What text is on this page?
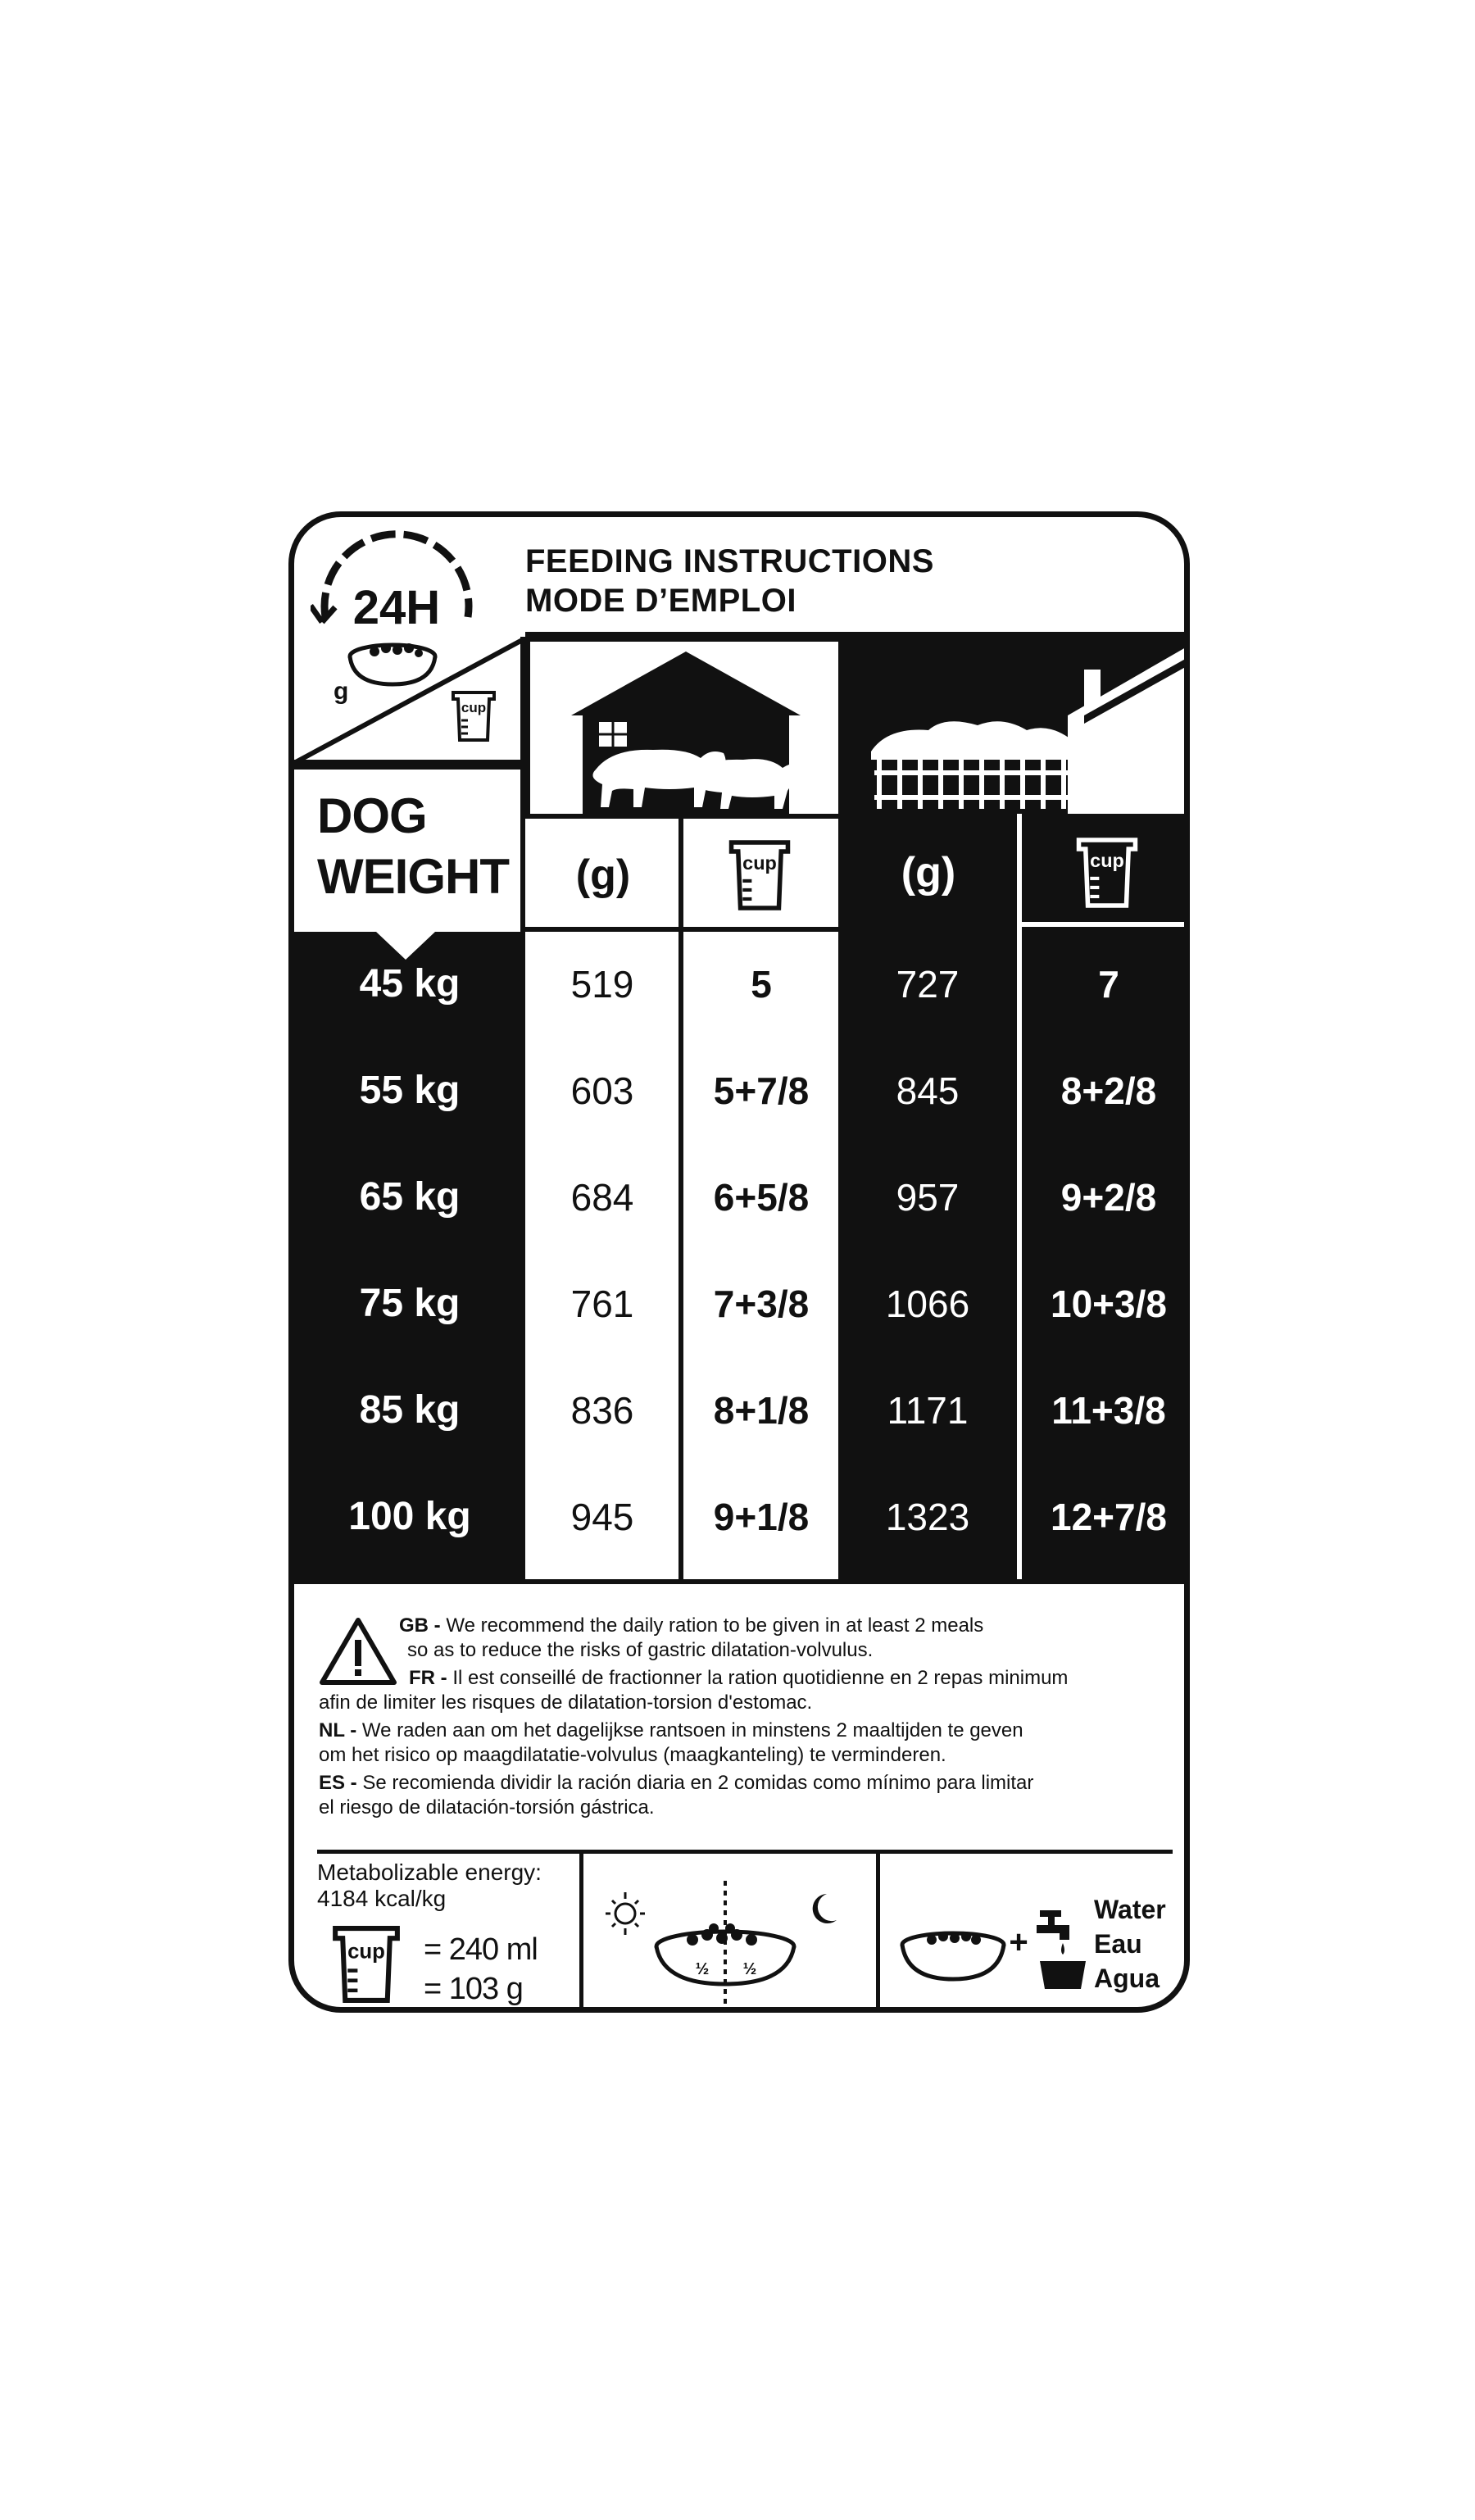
24H
FEEDING INSTRUCTIONS
MODE D’EMPLOI
g
cup
DOG
WEIGHT	(g)	cup	(g)	cup
45 kg	519	5	727	7
55 kg	603	5+7/8	845	8+2/8
65 kg	684	6+5/8	957	9+2/8
75 kg	761	7+3/8	1066	10+3/8
85 kg	836	8+1/8	1171	11+3/8
100 kg	945	9+1/8	1323	12+7/8

GB - We recommend the daily ration to be given in at least 2 meals

so as to reduce the risks of gastric dilatation-volvulus.

FR - Il est conseillé de fractionner la ration quotidienne en 2 repas minimum

afin de limiter les risques de dilatation-torsion d'estomac.

NL - We raden aan om het dagelijkse rantsoen in minstens 2 maaltijden te geven

om het risico op maagdilatatie-volvulus (maagkanteling) te verminderen.

ES - Se recomienda dividir la ración diaria en 2 comidas como mínimo para limitar

el riesgo de dilatación-torsión gástrica.

Metabolizable energy:
4184 kcal/kg
cup = 240 ml
= 103 g
½ ½
+
Water
Eau
Agua
